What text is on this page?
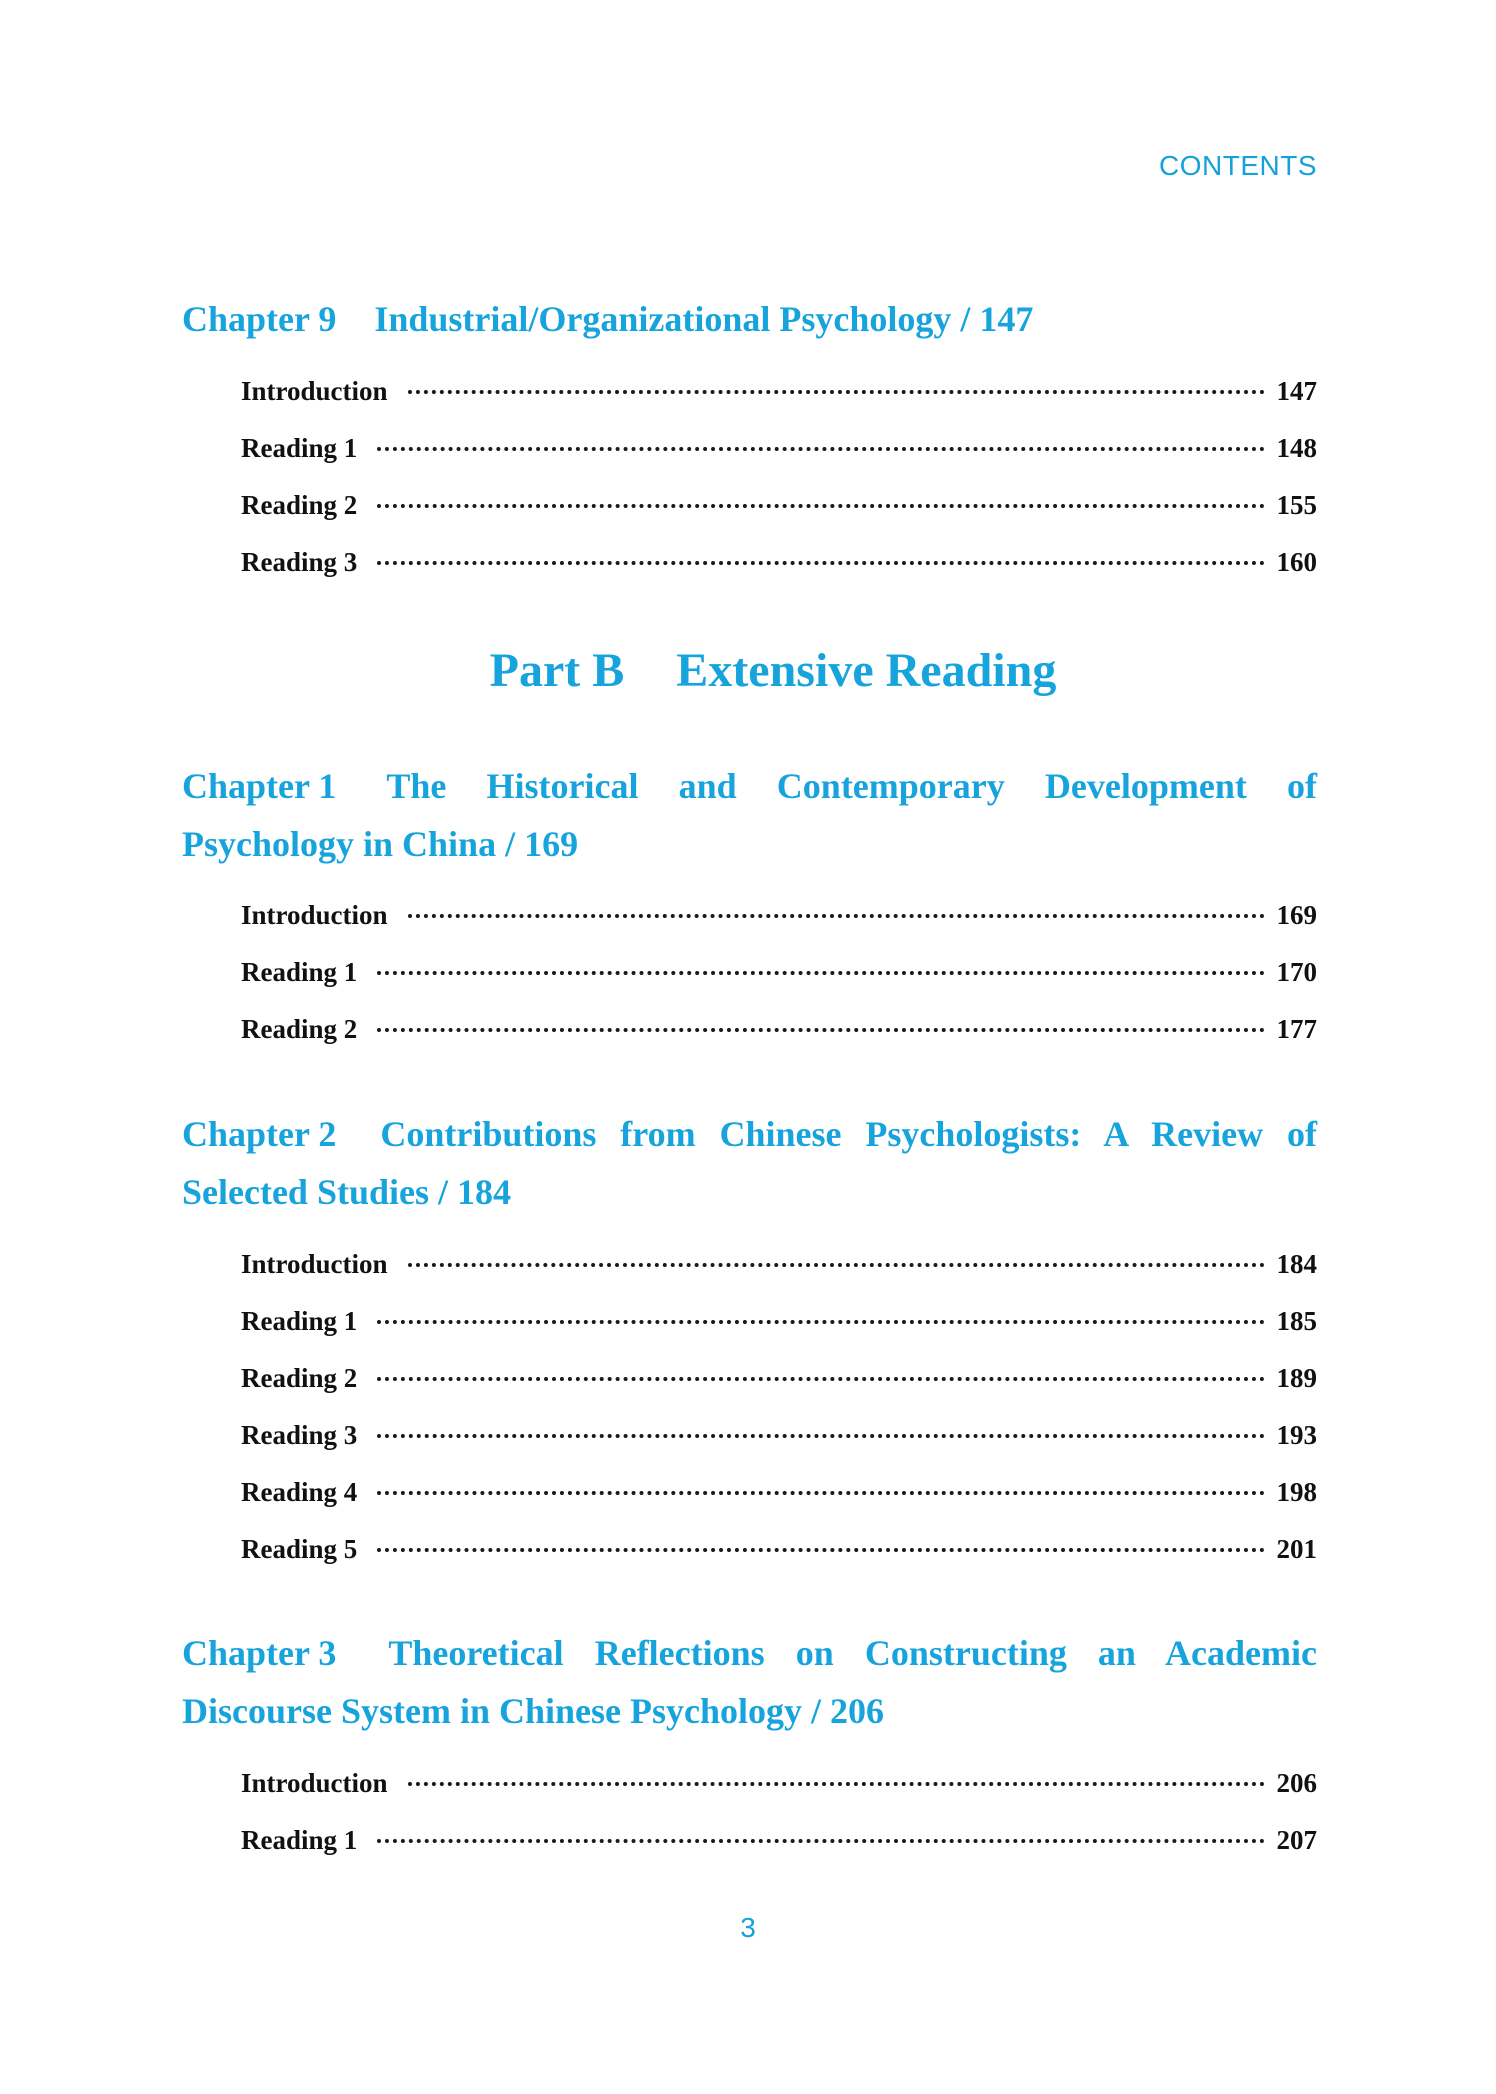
CONTENTS
Chapter 9 Industrial/Organizational Psychology / 147
Introduction	147
Reading 1	148
Reading 2	155
Reading 3	160
Part B Extensive Reading
Chapter 1 The Historical and Contemporary Development of
Psychology in China / 169
Introduction	169
Reading 1	170
Reading 2	177
Chapter 2 Contributions from Chinese Psychologists: A Review of
Selected Studies / 184
Introduction	184
Reading 1	185
Reading 2	189
Reading 3	193
Reading 4	198
Reading 5	201
Chapter 3 Theoretical Reflections on Constructing an Academic
Discourse System in Chinese Psychology / 206
Introduction	206
Reading 1	207
3
